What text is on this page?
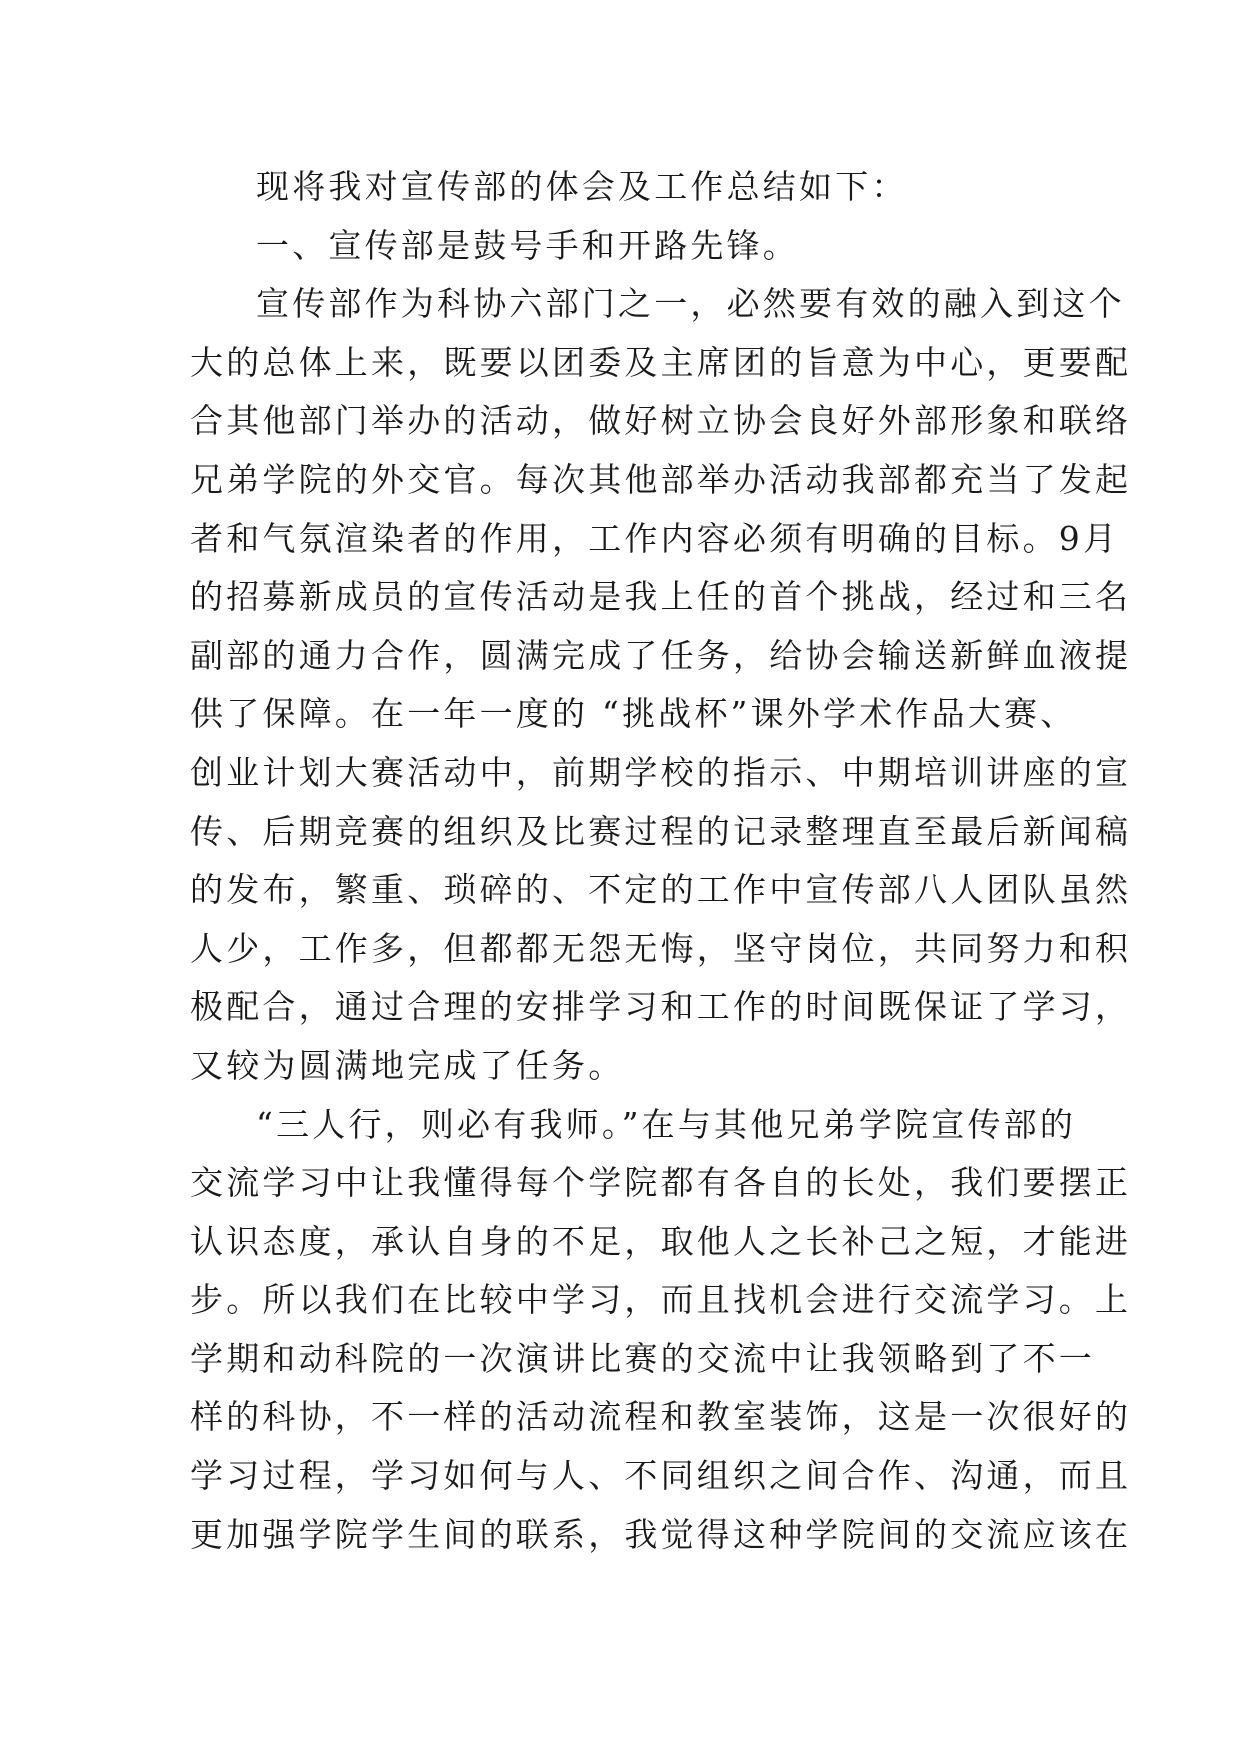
现将我对宣传部的体会及工作总结如下：
一、宣传部是鼓号手和开路先锋。
宣传部作为科协六部门之一，必然要有效的融入到这个
大的总体上来，既要以团委及主席团的旨意为中心，更要配
合其他部门举办的活动，做好树立协会良好外部形象和联络
兄弟学院的外交官。每次其他部举办活动我部都充当了发起
者和气氛渲染者的作用，工作内容必须有明确的目标。9月
的招募新成员的宣传活动是我上任的首个挑战，经过和三名
副部的通力合作，圆满完成了任务，给协会输送新鲜血液提
供了保障。在一年一度的 “挑战杯”课外学术作品大赛、
创业计划大赛活动中，前期学校的指示、中期培训讲座的宣
传、后期竞赛的组织及比赛过程的记录整理直至最后新闻稿
的发布，繁重、琐碎的、不定的工作中宣传部八人团队虽然
人少，工作多，但都都无怨无悔，坚守岗位，共同努力和积
极配合，通过合理的安排学习和工作的时间既保证了学习，
又较为圆满地完成了任务。
“三人行，则必有我师。”在与其他兄弟学院宣传部的
交流学习中让我懂得每个学院都有各自的长处，我们要摆正
认识态度，承认自身的不足，取他人之长补己之短，才能进
步。所以我们在比较中学习，而且找机会进行交流学习。上
学期和动科院的一次演讲比赛的交流中让我领略到了不一
样的科协，不一样的活动流程和教室装饰，这是一次很好的
学习过程，学习如何与人、不同组织之间合作、沟通，而且
更加强学院学生间的联系，我觉得这种学院间的交流应该在
